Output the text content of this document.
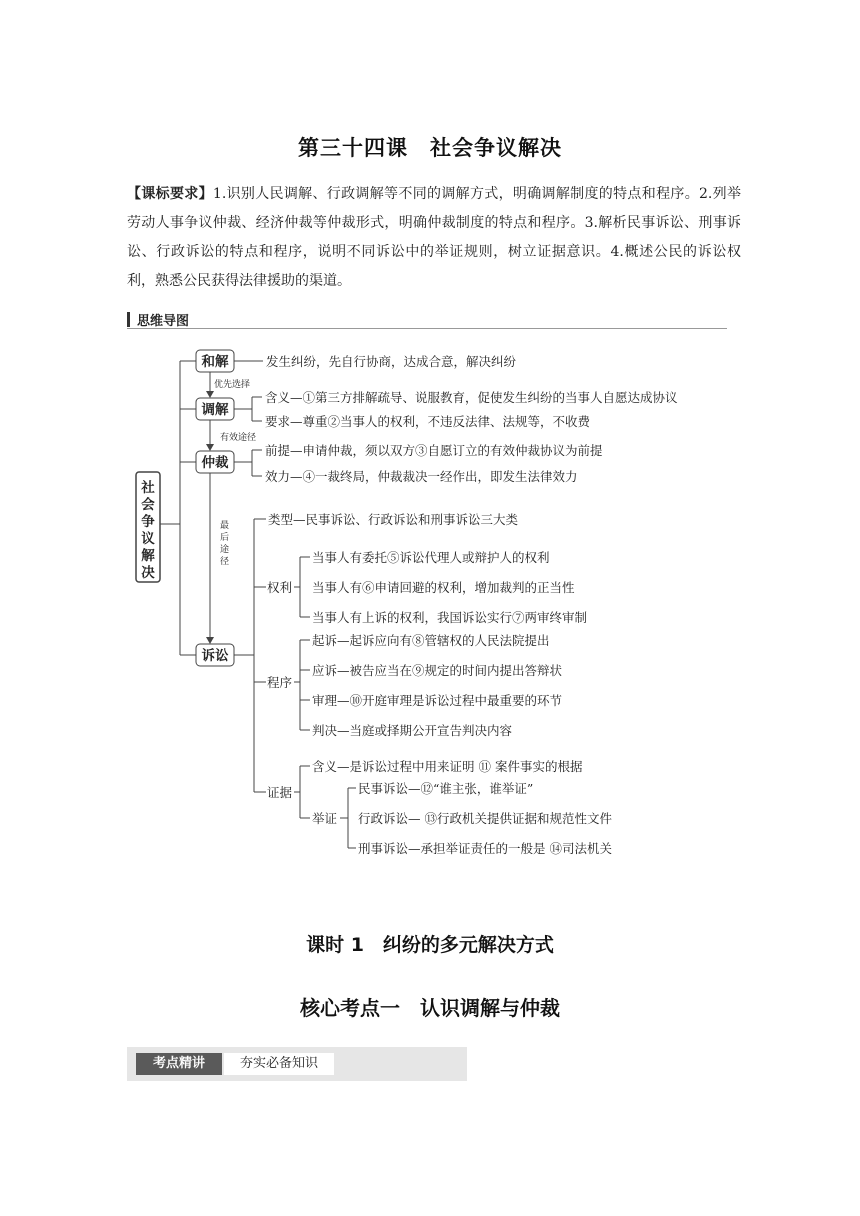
第三十四课　社会争议解决
【课标要求】1.识别人民调解、行政调解等不同的调解方式，明确调解制度的特点和程序。2.列举劳动人事争议仲裁、经济仲裁等仲裁形式，明确仲裁制度的特点和程序。3.解析民事诉讼、刑事诉讼、行政诉讼的特点和程序，说明不同诉讼中的举证规则，树立证据意识。4.概述公民的诉讼权利，熟悉公民获得法律援助的渠道。
思维导图
社会争议解决
和解
调解
仲裁
诉讼
优先选择
有效途径
最后途径
发生纠纷，先自行协商，达成合意，解决纠纷
含义—①第三方排解疏导、说服教育，促使发生纠纷的当事人自愿达成协议
要求—尊重②当事人的权利，不违反法律、法规等，不收费
前提—申请仲裁，须以双方③自愿订立的有效仲裁协议为前提
效力—④一裁终局，仲裁裁决一经作出，即发生法律效力
类型—民事诉讼、行政诉讼和刑事诉讼三大类
权利
当事人有委托⑤诉讼代理人或辩护人的权利
当事人有⑥申请回避的权利，增加裁判的正当性
当事人有上诉的权利，我国诉讼实行⑦两审终审制
程序
起诉—起诉应向有⑧管辖权的人民法院提出
应诉—被告应当在⑨规定的时间内提出答辩状
审理—⑩开庭审理是诉讼过程中最重要的环节
判决—当庭或择期公开宣告判决内容
证据
含义—是诉讼过程中用来证明 ⑪ 案件事实的根据
举证
民事诉讼—⑫“谁主张，谁举证”
行政诉讼— ⑬行政机关提供证据和规范性文件
刑事诉讼—承担举证责任的一般是 ⑭司法机关
课时 1　纠纷的多元解决方式
核心考点一　认识调解与仲裁
考点精讲	夯实必备知识
